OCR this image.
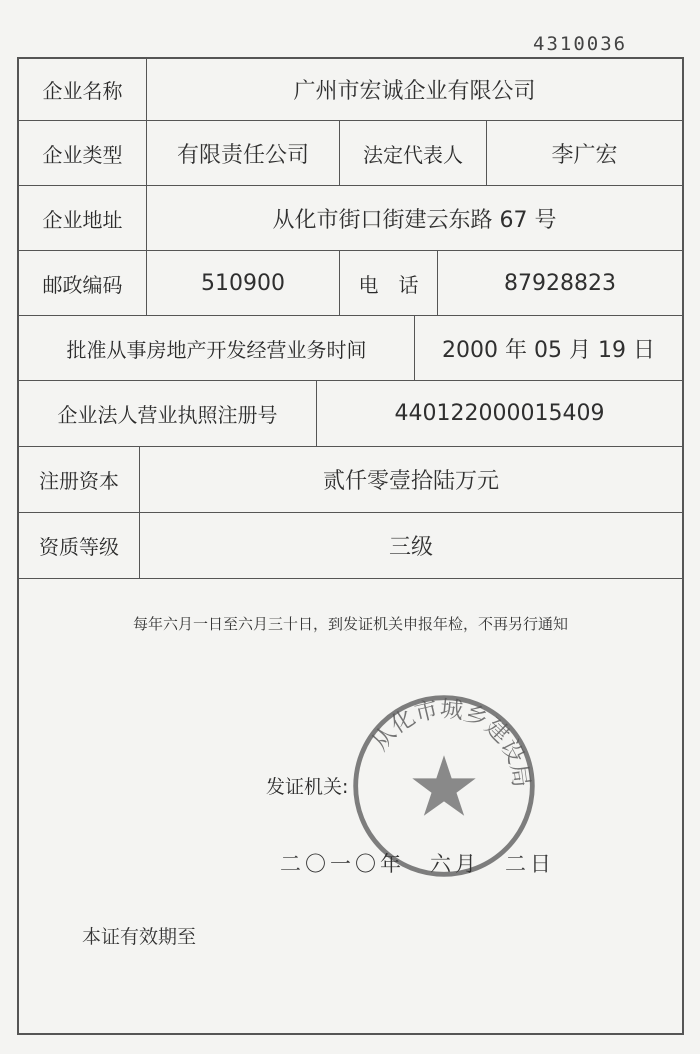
4310036
企业名称	广州市宏诚企业有限公司
企业类型 有限责任公司	法定代表人	李广宏
企业地址	从化市街口街建云东路 67 号
邮政编码	510900	电　话	87928823
批准从事房地产开发经营业务时间	2000 年 05 月 19 日
企业法人营业执照注册号	440122000015409
注册资本	贰仟零壹拾陆万元
资质等级	三级
每年六月一日至六月三十日，到发证机关申报年检，不再另行通知
从化市城乡建设局
发证机关:
二〇一〇年　六月　二日
本证有效期至
